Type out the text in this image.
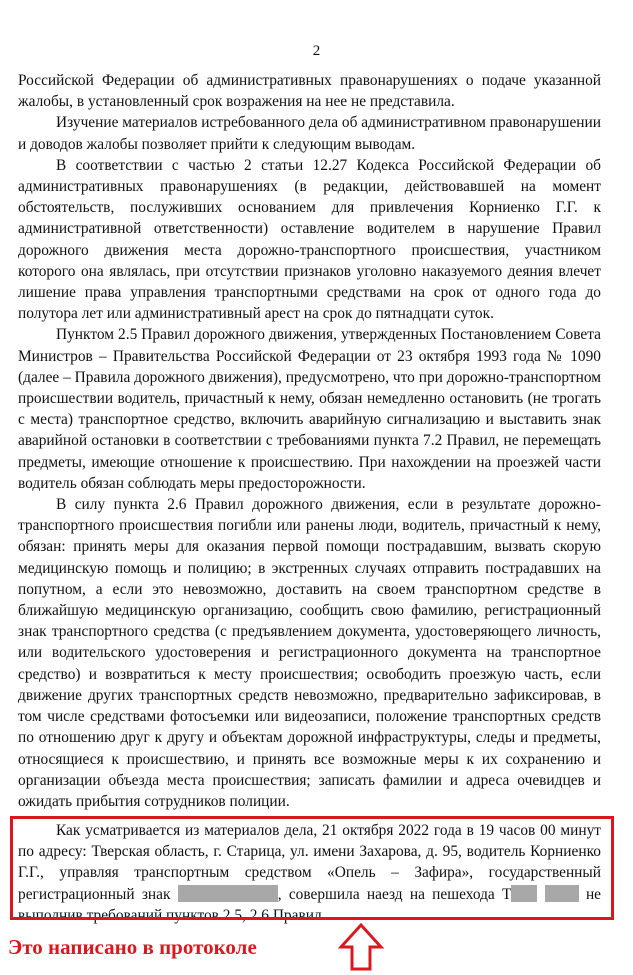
2

Российской Федерации об административных правонарушениях о подаче указанной жалобы, в установленный срок возражения на нее не представила.

Изучение материалов истребованного дела об административном правонарушении и доводов жалобы позволяет прийти к следующим выводам.

В соответствии с частью 2 статьи 12.27 Кодекса Российской Федерации об административных правонарушениях (в редакции, действовавшей на момент обстоятельств, послуживших основанием для привлечения Корниенко Г.Г. к административной ответственности) оставление водителем в нарушение Правил дорожного движения места дорожно-транспортного происшествия, участником которого она являлась, при отсутствии признаков уголовно наказуемого деяния влечет лишение права управления транспортными средствами на срок от одного года до полутора лет или административный арест на срок до пятнадцати суток.

Пунктом 2.5 Правил дорожного движения, утвержденных Постановлением Совета Министров – Правительства Российской Федерации от 23 октября 1993 года № 1090 (далее – Правила дорожного движения), предусмотрено, что при дорожно-транспортном происшествии водитель, причастный к нему, обязан немедленно остановить (не трогать с места) транспортное средство, включить аварийную сигнализацию и выставить знак аварийной остановки в соответствии с требованиями пункта 7.2 Правил, не перемещать предметы, имеющие отношение к происшествию. При нахождении на проезжей части водитель обязан соблюдать меры предосторожности.

В силу пункта 2.6 Правил дорожного движения, если в результате дорожно-транспортного происшествия погибли или ранены люди, водитель, причастный к нему, обязан: принять меры для оказания первой помощи пострадавшим, вызвать скорую медицинскую помощь и полицию; в экстренных случаях отправить пострадавших на попутном, а если это невозможно, доставить на своем транспортном средстве в ближайшую медицинскую организацию, сообщить свою фамилию, регистрационный знак транспортного средства (с предъявлением документа, удостоверяющего личность, или водительского удостоверения и регистрационного документа на транспортное средство) и возвратиться к месту происшествия; освободить проезжую часть, если движение других транспортных средств невозможно, предварительно зафиксировав, в том числе средствами фотосъемки или видеозаписи, положение транспортных средств по отношению друг к другу и объектам дорожной инфраструктуры, следы и предметы, относящиеся к происшествию, и принять все возможные меры к их сохранению и организации объезда места происшествия; записать фамилии и адреса очевидцев и ожидать прибытия сотрудников полиции.

Как усматривается из материалов дела, 21 октября 2022 года в 19 часов 00 минут по адресу: Тверская область, г. Старица, ул. имени Захарова, д. 95, водитель Корниенко Г.Г., управляя транспортным средством «Опель – Зафира», государственный регистрационный знак	, совершила наезд на пешехода Т	не выполнив требований пунктов 2.5, 2.6 Правил

Это написано в протоколе
